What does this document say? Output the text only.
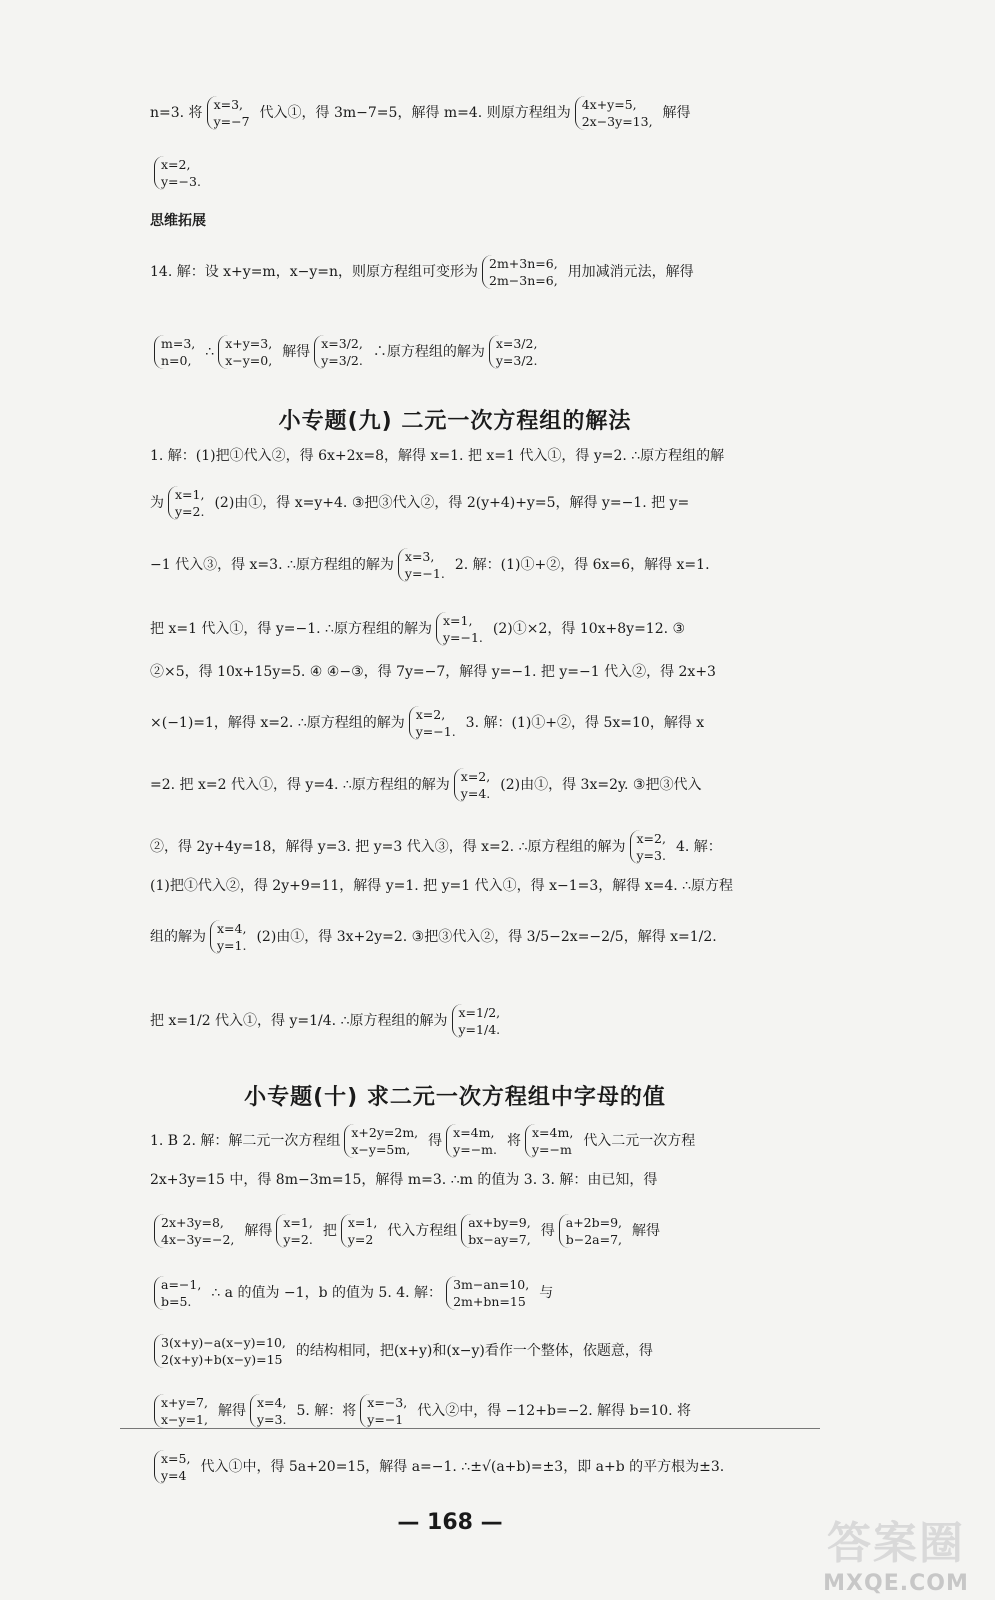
思维拓展
— 168 —	答案圈
MXQE.COM
小专题(九) 二元一次方程组的解法
小专题(十) 求二元一次方程组中字母的值
n=3. 将
x=3,
y=−7
代入①，得 3m−7=5，解得 m=4. 则原方程组为
4x+y=5,
2x−3y=13,
解得
x=2,
y=−3.
14. 解：设 x+y=m，x−y=n，则原方程组可变形为
2m+3n=6,
2m−3n=6,
用加减消元法，解得
m=3,
n=0,
∴
x+y=3,
x−y=0,
解得
x=3/2,
y=3/2.
∴原方程组的解为
x=3/2,
y=3/2.
1. 解：(1)把①代入②，得 6x+2x=8，解得 x=1. 把 x=1 代入①，得 y=2. ∴原方程组的解
为
x=1,
y=2.
(2)由①，得 x=y+4. ③把③代入②，得 2(y+4)+y=5，解得 y=−1. 把 y=
−1 代入③，得 x=3. ∴原方程组的解为
x=3,
y=−1.
2. 解：(1)①+②，得 6x=6，解得 x=1.
把 x=1 代入①，得 y=−1. ∴原方程组的解为
x=1,
y=−1.
(2)①×2，得 10x+8y=12. ③
②×5，得 10x+15y=5. ④ ④−③，得 7y=−7，解得 y=−1. 把 y=−1 代入②，得 2x+3
×(−1)=1，解得 x=2. ∴原方程组的解为
x=2,
y=−1.
3. 解：(1)①+②，得 5x=10，解得 x
=2. 把 x=2 代入①，得 y=4. ∴原方程组的解为
x=2,
y=4.
(2)由①，得 3x=2y. ③把③代入
②，得 2y+4y=18，解得 y=3. 把 y=3 代入③，得 x=2. ∴原方程组的解为
x=2,
y=3.
4. 解：
(1)把①代入②，得 2y+9=11，解得 y=1. 把 y=1 代入①，得 x−1=3，解得 x=4. ∴原方程
组的解为
x=4,
y=1.
(2)由①，得 3x+2y=2. ③把③代入②，得 3/5−2x=−2/5，解得 x=1/2.
把 x=1/2 代入①，得 y=1/4. ∴原方程组的解为
x=1/2,
y=1/4.
1. B 2. 解：解二元一次方程组
x+2y=2m,
x−y=5m,
得
x=4m,
y=−m.
将
x=4m,
y=−m
代入二元一次方程
2x+3y=15 中，得 8m−3m=15，解得 m=3. ∴m 的值为 3. 3. 解：由已知，得
2x+3y=8,
4x−3y=−2,
解得
x=1,
y=2.
把
x=1,
y=2
代入方程组
ax+by=9,
bx−ay=7,
得
a+2b=9,
b−2a=7,
解得
a=−1,
b=5.
∴ a 的值为 −1，b 的值为 5. 4. 解：
3m−an=10,
2m+bn=15
与
3(x+y)−a(x−y)=10,
2(x+y)+b(x−y)=15
的结构相同，把(x+y)和(x−y)看作一个整体，依题意，得
x+y=7,
x−y=1,
解得
x=4,
y=3.
5. 解：将
x=−3,
y=−1
代入②中，得 −12+b=−2. 解得 b=10. 将
x=5,
y=4
代入①中，得 5a+20=15，解得 a=−1. ∴±√(a+b)=±3，即 a+b 的平方根为±3.
